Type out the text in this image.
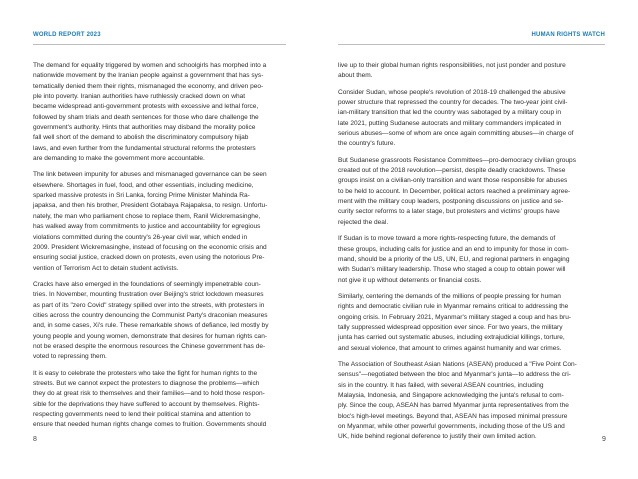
WORLD REPORT 2023
The demand for equality triggered by women and schoolgirls has morphed into a
nationwide movement by the Iranian people against a government that has sys-
tematically denied them their rights, mismanaged the economy, and driven peo-
ple into poverty. Iranian authorities have ruthlessly cracked down on what
became widespread anti-government protests with excessive and lethal force,
followed by sham trials and death sentences for those who dare challenge the
government's authority. Hints that authorities may disband the morality police
fall well short of the demand to abolish the discriminatory compulsory hijab
laws, and even further from the fundamental structural reforms the protesters
are demanding to make the government more accountable.
The link between impunity for abuses and mismanaged governance can be seen
elsewhere. Shortages in fuel, food, and other essentials, including medicine,
sparked massive protests in Sri Lanka, forcing Prime Minister Mahinda Ra-
japaksa, and then his brother, President Gotabaya Rajapaksa, to resign. Unfortu-
nately, the man who parliament chose to replace them, Ranil Wickremasinghe,
has walked away from commitments to justice and accountability for egregious
violations committed during the country's 26-year civil war, which ended in
2009. President Wickremasinghe, instead of focusing on the economic crisis and
ensuring social justice, cracked down on protests, even using the notorious Pre-
vention of Terrorism Act to detain student activists.
Cracks have also emerged in the foundations of seemingly impenetrable coun-
tries. In November, mounting frustration over Beijing's strict lockdown measures
as part of its "zero Covid" strategy spilled over into the streets, with protesters in
cities across the country denouncing the Communist Party's draconian measures
and, in some cases, Xi's rule. These remarkable shows of defiance, led mostly by
young people and young women, demonstrate that desires for human rights can-
not be erased despite the enormous resources the Chinese government has de-
voted to repressing them.
It is easy to celebrate the protesters who take the fight for human rights to the
streets. But we cannot expect the protesters to diagnose the problems—which
they do at great risk to themselves and their families—and to hold those respon-
sible for the deprivations they have suffered to account by themselves. Rights-
respecting governments need to lend their political stamina and attention to
ensure that needed human rights change comes to fruition. Governments should
8
HUMAN RIGHTS WATCH
live up to their global human rights responsibilities, not just ponder and posture
about them.
Consider Sudan, whose people's revolution of 2018-19 challenged the abusive
power structure that repressed the country for decades. The two-year joint civil-
ian-military transition that led the country was sabotaged by a military coup in
late 2021, putting Sudanese autocrats and military commanders implicated in
serious abuses—some of whom are once again committing abuses—in charge of
the country's future.
But Sudanese grassroots Resistance Committees—pro-democracy civilian groups
created out of the 2018 revolution—persist, despite deadly crackdowns. These
groups insist on a civilian-only transition and want those responsible for abuses
to be held to account. In December, political actors reached a preliminary agree-
ment with the military coup leaders, postponing discussions on justice and se-
curity sector reforms to a later stage, but protesters and victims' groups have
rejected the deal.
If Sudan is to move toward a more rights-respecting future, the demands of
these groups, including calls for justice and an end to impunity for those in com-
mand, should be a priority of the US, UN, EU, and regional partners in engaging
with Sudan's military leadership. Those who staged a coup to obtain power will
not give it up without deterrents or financial costs.
Similarly, centering the demands of the millions of people pressing for human
rights and democratic civilian rule in Myanmar remains critical to addressing the
ongoing crisis. In February 2021, Myanmar's military staged a coup and has bru-
tally suppressed widespread opposition ever since. For two years, the military
junta has carried out systematic abuses, including extrajudicial killings, torture,
and sexual violence, that amount to crimes against humanity and war crimes.
The Association of Southeast Asian Nations (ASEAN) produced a "Five Point Con-
sensus"—negotiated between the bloc and Myanmar's junta—to address the cri-
sis in the country. It has failed, with several ASEAN countries, including
Malaysia, Indonesia, and Singapore acknowledging the junta's refusal to com-
ply. Since the coup, ASEAN has barred Myanmar junta representatives from the
bloc's high-level meetings. Beyond that, ASEAN has imposed minimal pressure
on Myanmar, while other powerful governments, including those of the US and
UK, hide behind regional deference to justify their own limited action.	9
